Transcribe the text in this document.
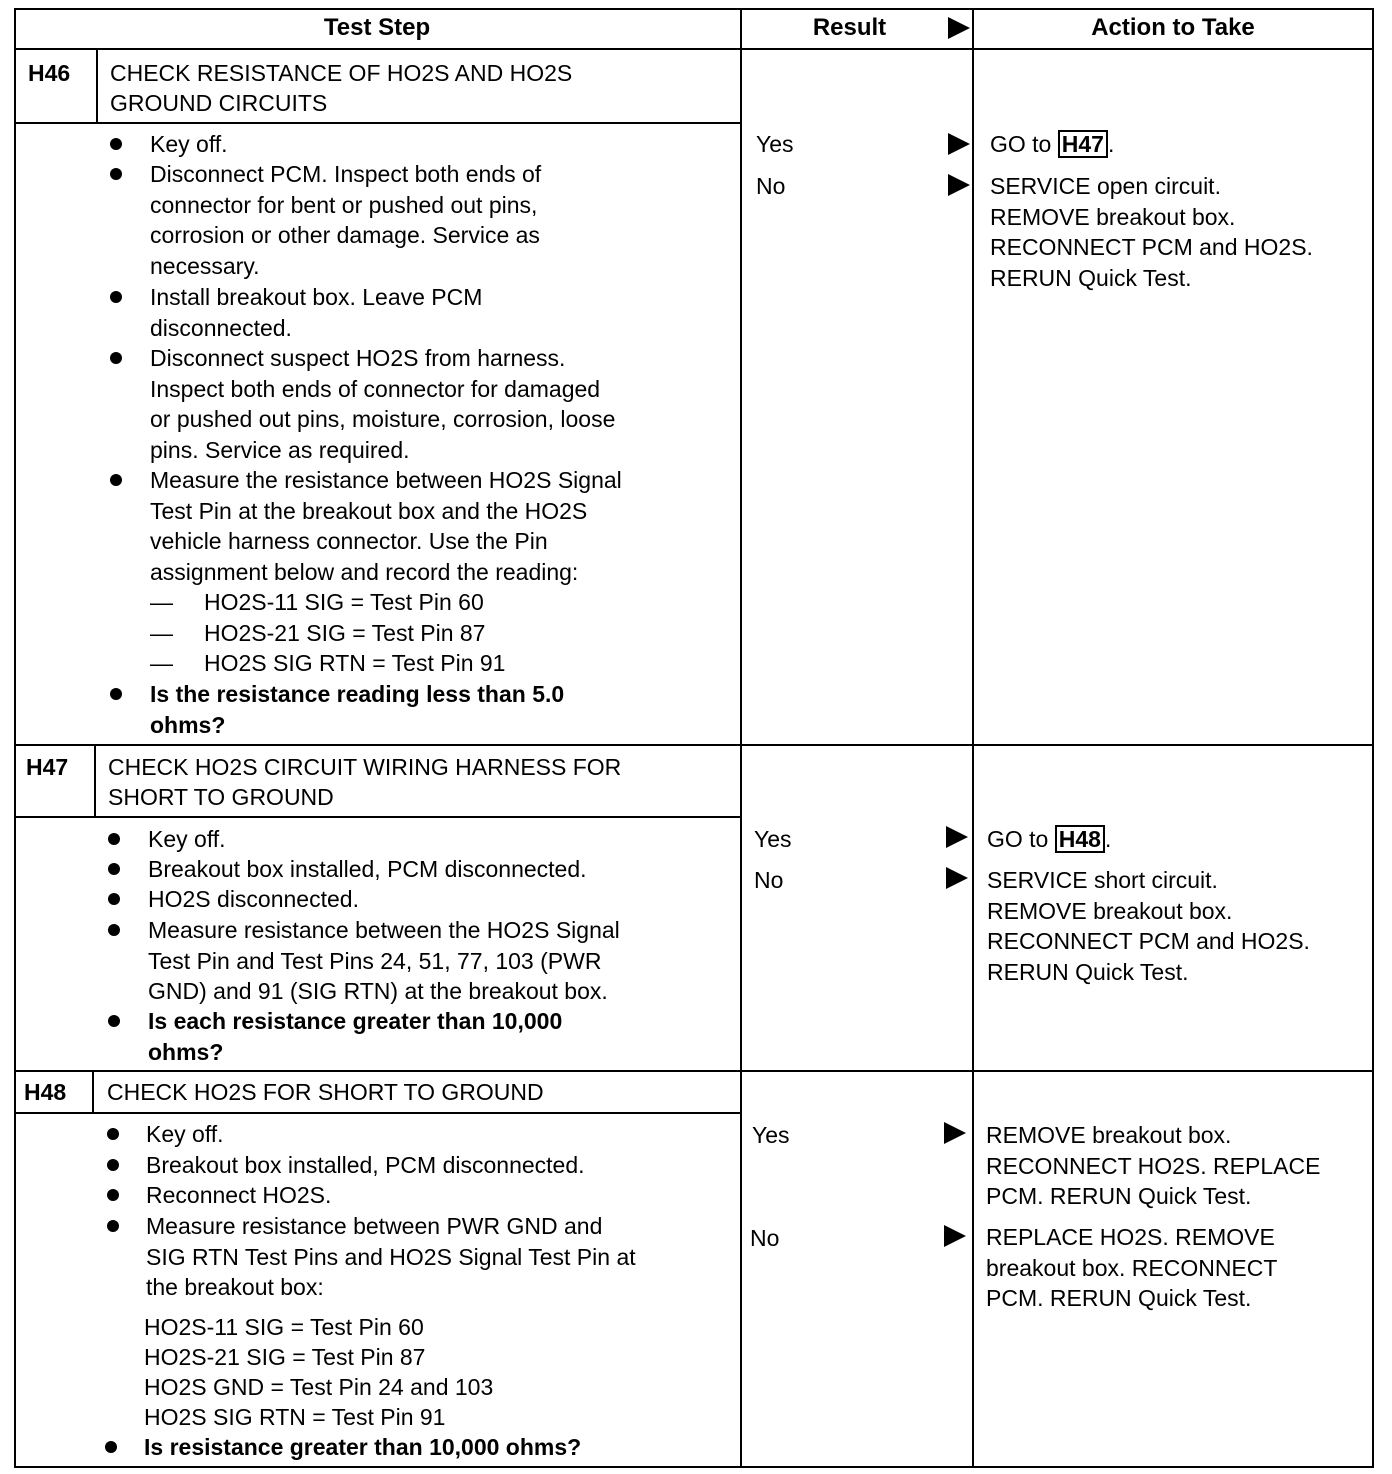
Test Step	Result	Action to Take
H46 CHECK RESISTANCE OF HO2S AND HO2S
GROUND CIRCUITS
Key off.
Disconnect PCM. Inspect both ends of
connector for bent or pushed out pins,
corrosion or other damage. Service as
necessary.
Install breakout box. Leave PCM
disconnected.
Disconnect suspect HO2S from harness.
Inspect both ends of connector for damaged
or pushed out pins, moisture, corrosion, loose
pins. Service as required.
Measure the resistance between HO2S Signal
Test Pin at the breakout box and the HO2S
vehicle harness connector. Use the Pin
assignment below and record the reading:
— HO2S-11 SIG = Test Pin 60
— HO2S-21 SIG = Test Pin 87
— HO2S SIG RTN = Test Pin 91
Is the resistance reading less than 5.0
ohms?
Yes
No
GO to H47 .
SERVICE open circuit.
REMOVE breakout box.
RECONNECT PCM and HO2S.
RERUN Quick Test.
H47 CHECK HO2S CIRCUIT WIRING HARNESS FOR
SHORT TO GROUND
Key off.
Breakout box installed, PCM disconnected.
HO2S disconnected.
Measure resistance between the HO2S Signal
Test Pin and Test Pins 24, 51, 77, 103 (PWR
GND) and 91 (SIG RTN) at the breakout box.
Is each resistance greater than 10,000
ohms?
Yes
No
GO to H48 .
SERVICE short circuit.
REMOVE breakout box.
RECONNECT PCM and HO2S.
RERUN Quick Test.
H48 CHECK HO2S FOR SHORT TO GROUND
Key off.
Breakout box installed, PCM disconnected.
Reconnect HO2S.
Measure resistance between PWR GND and
SIG RTN Test Pins and HO2S Signal Test Pin at
the breakout box:
HO2S-11 SIG = Test Pin 60
HO2S-21 SIG = Test Pin 87
HO2S GND = Test Pin 24 and 103
HO2S SIG RTN = Test Pin 91
Is resistance greater than 10,000 ohms?
Yes
No
REMOVE breakout box.
RECONNECT HO2S. REPLACE
PCM. RERUN Quick Test.
REPLACE HO2S. REMOVE
breakout box. RECONNECT
PCM. RERUN Quick Test.
